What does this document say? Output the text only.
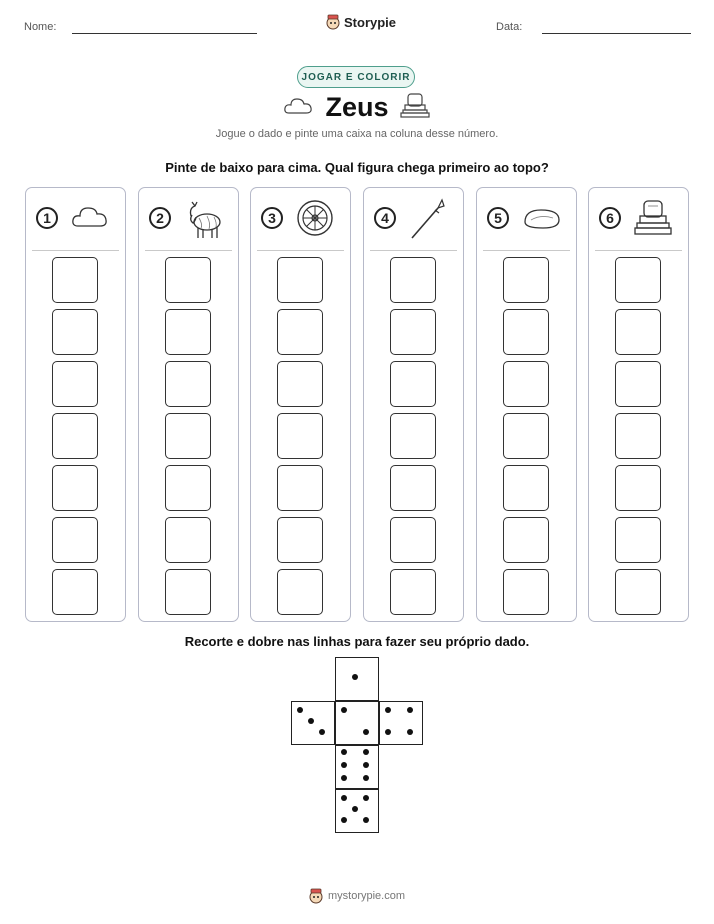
Nome:	Storypie	Data:
JOGAR E COLORIR
Zeus
Jogue o dado e pinte uma caixa na coluna desse número.
Pinte de baixo para cima. Qual figura chega primeiro ao topo?
1	2	3	4	5	6
Recorte e dobre nas linhas para fazer seu próprio dado.
mystorypie.com
